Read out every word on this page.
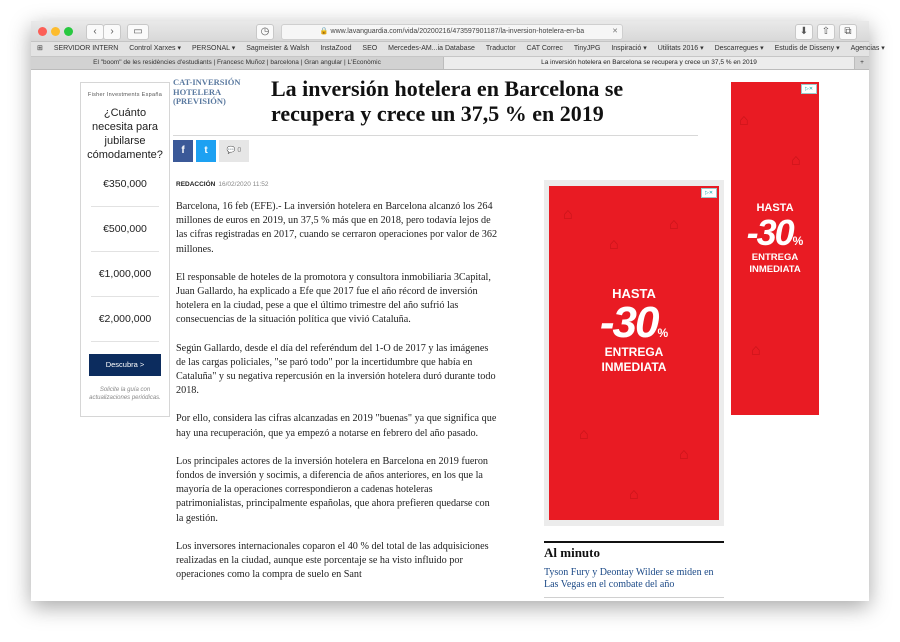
‹	›	▭	◷	🔒 www.lavanguardia.com/vida/20200216/473597901187/la-inversion-hotelera-en-ba	✕	⬇	⇧	⧉
⊞ SERVIDOR INTERN Control Xarxes ▾ PERSONAL ▾ Sagmeister & Walsh InstaZood SEO Mercedes-AM...ia Database Traductor CAT Correc TinyJPG Inspiració ▾ Utilitats 2016 ▾ Descarregues ▾ Estudis de Disseny ▾ Agencias ▾
El "boom" de les residències d'estudiants | Francesc Muñoz | barcelona | Gran angular | L'Econòmic	La inversión hotelera en Barcelona se recupera y crece un 37,5 % en 2019	+
Fisher Investments España
¿Cuánto necesita para jubilarse cómodamente?
€350,000
€500,000
€1,000,000
€2,000,000
Descubra >
Solicite la guía con actualizaciones periódicas.
CAT-INVERSIÓN HOTELERA (PREVISIÓN)	La inversión hotelera en Barcelona se recupera y crece un 37,5 % en 2019
f	t	💬 0
REDACCIÓN 16/02/2020 11:52

Barcelona, 16 feb (EFE).- La inversión hotelera en Barcelona alcanzó los 264 millones de euros en 2019, un 37,5 % más que en 2018, pero todavía lejos de las cifras registradas en 2017, cuando se cerraron operaciones por valor de 362 millones.

El responsable de hoteles de la promotora y consultora inmobiliaria 3Capital, Juan Gallardo, ha explicado a Efe que 2017 fue el año récord de inversión hotelera en la ciudad, pese a que el último trimestre del año sufrió las consecuencias de la situación política que vivió Cataluña.

Según Gallardo, desde el día del referéndum del 1-O de 2017 y las imágenes de las cargas policiales, "se paró todo" por la incertidumbre que había en Cataluña" y su negativa repercusión en la inversión hotelera duró durante todo 2018.

Por ello, considera las cifras alcanzadas en 2019 "buenas" ya que significa que hay una recuperación, que ya empezó a notarse en febrero del año pasado.

Los principales actores de la inversión hotelera en Barcelona en 2019 fueron fondos de inversión y socimis, a diferencia de años anteriores, en los que la mayoría de la operaciones correspondieron a cadenas hoteleras patrimonialistas, principalmente españolas, que ahora prefieren quedarse con la gestión.

Los inversores internacionales coparon el 40 % del total de las adquisiciones realizadas en la ciudad, aunque este porcentaje se ha visto influido por operaciones como la compra de suelo en Sant

▷✕
⌂
⌂
⌂
⌂
⌂
⌂
HASTA
-30%
ENTREGA
INMEDIATA
▷✕
⌂
⌂
⌂
HASTA
-30%
ENTREGA
INMEDIATA
Al minuto
Tyson Fury y Deontay Wilder se miden en Las Vegas en el combate del año
